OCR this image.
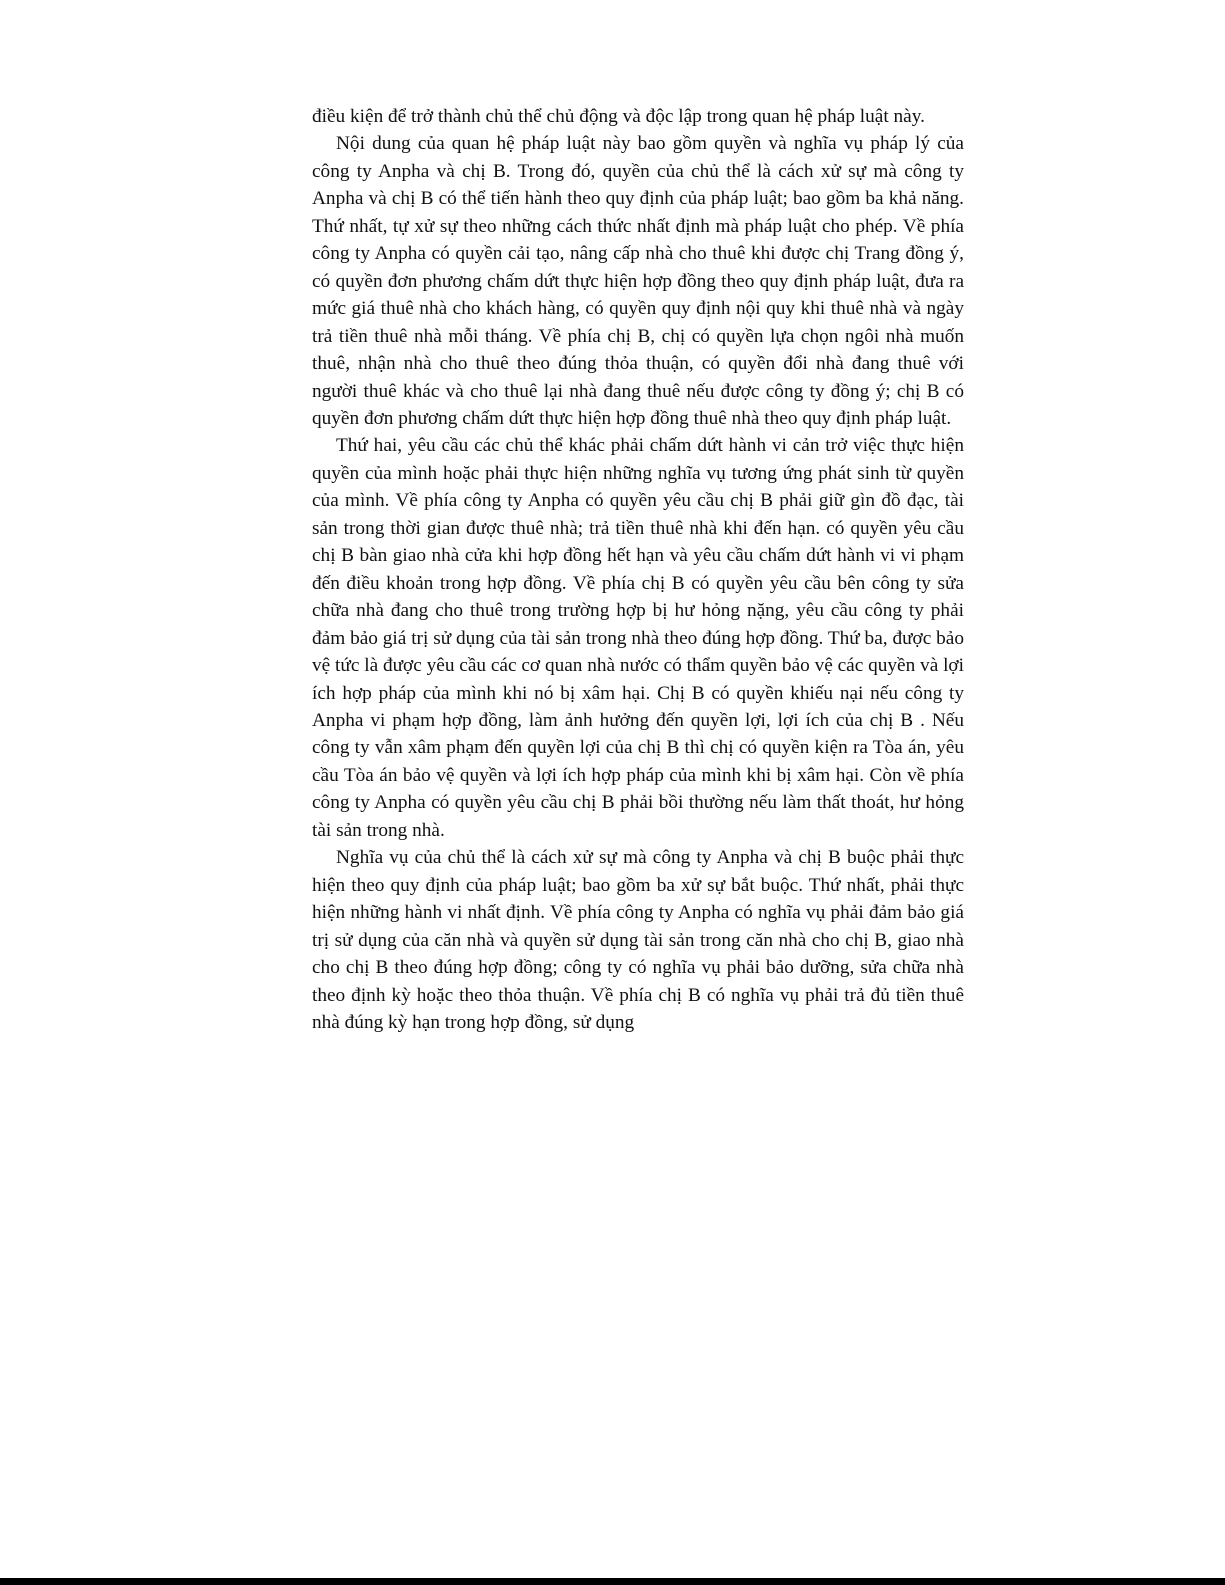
điều kiện để trở thành chủ thể chủ động và độc lập trong quan hệ pháp luật này.

Nội dung của quan hệ pháp luật này bao gồm quyền và nghĩa vụ pháp lý của công ty Anpha và chị B. Trong đó, quyền của chủ thể là cách xử sự mà công ty Anpha và chị B có thể tiến hành theo quy định của pháp luật; bao gồm ba khả năng. Thứ nhất, tự xử sự theo những cách thức nhất định mà pháp luật cho phép. Về phía công ty Anpha có quyền cải tạo, nâng cấp nhà cho thuê khi được chị Trang đồng ý, có quyền đơn phương chấm dứt thực hiện hợp đồng theo quy định pháp luật, đưa ra mức giá thuê nhà cho khách hàng, có quyền quy định nội quy khi thuê nhà và ngày trả tiền thuê nhà mỗi tháng. Về phía chị B, chị có quyền lựa chọn ngôi nhà muốn thuê, nhận nhà cho thuê theo đúng thỏa thuận, có quyền đổi nhà đang thuê với người thuê khác và cho thuê lại nhà đang thuê nếu được công ty đồng ý; chị B có quyền đơn phương chấm dứt thực hiện hợp đồng thuê nhà theo quy định pháp luật.

Thứ hai, yêu cầu các chủ thể khác phải chấm dứt hành vi cản trở việc thực hiện quyền của mình hoặc phải thực hiện những nghĩa vụ tương ứng phát sinh từ quyền của mình. Về phía công ty Anpha có quyền yêu cầu chị B phải giữ gìn đồ đạc, tài sản trong thời gian được thuê nhà; trả tiền thuê nhà khi đến hạn. có quyền yêu cầu chị B bàn giao nhà cửa khi hợp đồng hết hạn và yêu cầu chấm dứt hành vi vi phạm đến điều khoản trong hợp đồng. Về phía chị B có quyền yêu cầu bên công ty sửa chữa nhà đang cho thuê trong trường hợp bị hư hỏng nặng, yêu cầu công ty phải đảm bảo giá trị sử dụng của tài sản trong nhà theo đúng hợp đồng. Thứ ba, được bảo vệ tức là được yêu cầu các cơ quan nhà nước có thẩm quyền bảo vệ các quyền và lợi ích hợp pháp của mình khi nó bị xâm hại. Chị B có quyền khiếu nại nếu công ty Anpha vi phạm hợp đồng, làm ảnh hưởng đến quyền lợi, lợi ích của chị B . Nếu công ty vẫn xâm phạm đến quyền lợi của chị B thì chị có quyền kiện ra Tòa án, yêu cầu Tòa án bảo vệ quyền và lợi ích hợp pháp của mình khi bị xâm hại. Còn về phía công ty Anpha có quyền yêu cầu chị B phải bồi thường nếu làm thất thoát, hư hỏng tài sản trong nhà.

Nghĩa vụ của chủ thể là cách xử sự mà công ty Anpha và chị B buộc phải thực hiện theo quy định của pháp luật; bao gồm ba xử sự bắt buộc. Thứ nhất, phải thực hiện những hành vi nhất định. Về phía công ty Anpha có nghĩa vụ phải đảm bảo giá trị sử dụng của căn nhà và quyền sử dụng tài sản trong căn nhà cho chị B, giao nhà cho chị B theo đúng hợp đồng; công ty có nghĩa vụ phải bảo dưỡng, sửa chữa nhà theo định kỳ hoặc theo thỏa thuận. Về phía chị B có nghĩa vụ phải trả đủ tiền thuê nhà đúng kỳ hạn trong hợp đồng, sử dụng
